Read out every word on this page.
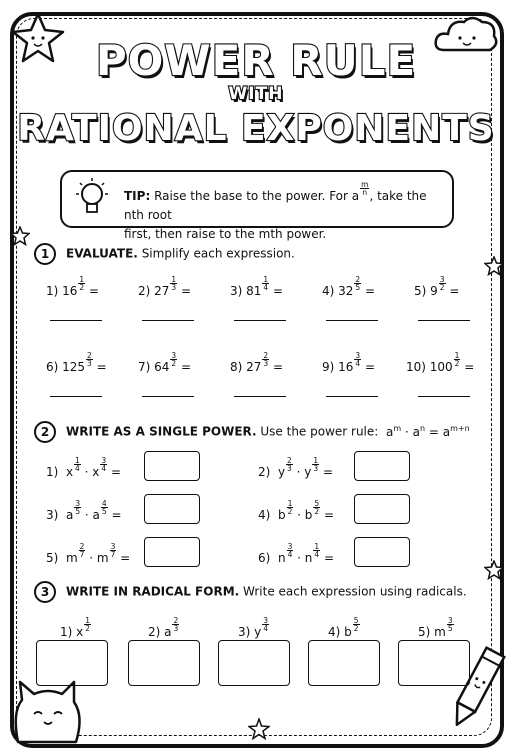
POWER RULE
WITH
RATIONAL EXPONENTS
TIP: Raise the base to the power. For a $\frac{m}{n}$ , take the nth root
first, then raise to the mth power.
1 EVALUATE. Simplify each expression.
1) $16 \frac{1}{2}$ =	2) $27 \frac{1}{3}$ =	3) $81 \frac{1}{4}$ =	4) $32 \frac{2}{5}$ =	5) $9 \frac{3}{2}$ =
6) $125 \frac{2}{3}$ =	7) $64 \frac{3}{2}$ =	8) $27 \frac{2}{3}$ =	9) $16 \frac{3}{4}$ =	10) $100 \frac{1}{2}$ =
2 WRITE AS A SINGLE POWER. Use the power rule: $a^m \cdot a^n = a^{m+n}$
1)  x $\frac{1}{4} \cdot x \frac{3}{4}$ =	2)  y $\frac{2}{3} \cdot y \frac{1}{3}$ =
3)  a $\frac{3}{5} \cdot a \frac{4}{5}$ =	4)  b $\frac{1}{2} \cdot b \frac{5}{2}$ =
5)  m $\frac{2}{7} \cdot m \frac{3}{7}$ =	6)  n $\frac{3}{4} \cdot n \frac{1}{4}$ =
3 WRITE IN RADICAL FORM. Write each expression using radicals.
1) x $\frac{1}{2}$	2) a $\frac{2}{3}$	3) y $\frac{3}{4}$	4) b $\frac{5}{2}$	5) m $\frac{3}{5}$
